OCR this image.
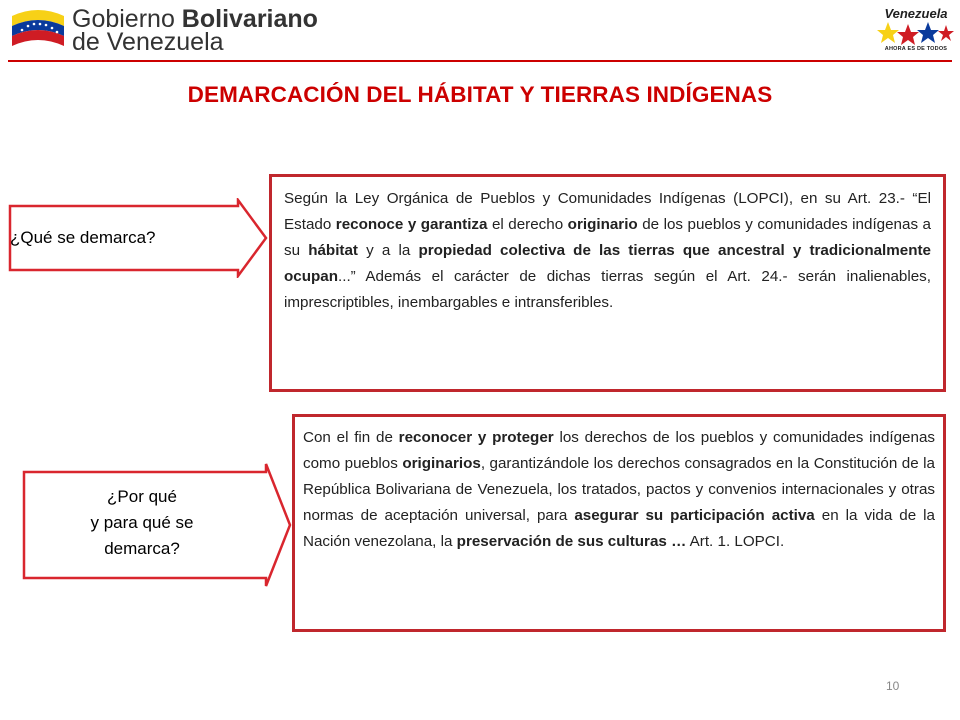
Gobierno Bolivariano
de Venezuela
Venezuela
AHORA ES DE TODOS
DEMARCACIÓN DEL HÁBITAT Y TIERRAS INDÍGENAS
¿Qué se demarca?
Según la Ley Orgánica de Pueblos y Comunidades Indígenas (LOPCI), en su Art. 23.- “El Estado reconoce y garantiza el derecho originario de los pueblos y comunidades indígenas a su hábitat y a la propiedad colectiva de las tierras que ancestral y tradicionalmente ocupan...” Además el carácter de dichas tierras según el Art. 24.- serán inalienables, imprescriptibles, inembargables e intransferibles.
¿Por qué
y para qué se
demarca?
Con el fin de reconocer y proteger los derechos de los pueblos y comunidades indígenas como pueblos originarios, garantizándole los derechos consagrados en la Constitución de la República Bolivariana de Venezuela, los tratados, pactos y convenios internacionales y otras normas de aceptación universal, para asegurar su participación activa en la vida de la Nación venezolana, la preservación de sus culturas … Art. 1. LOPCI.
10
